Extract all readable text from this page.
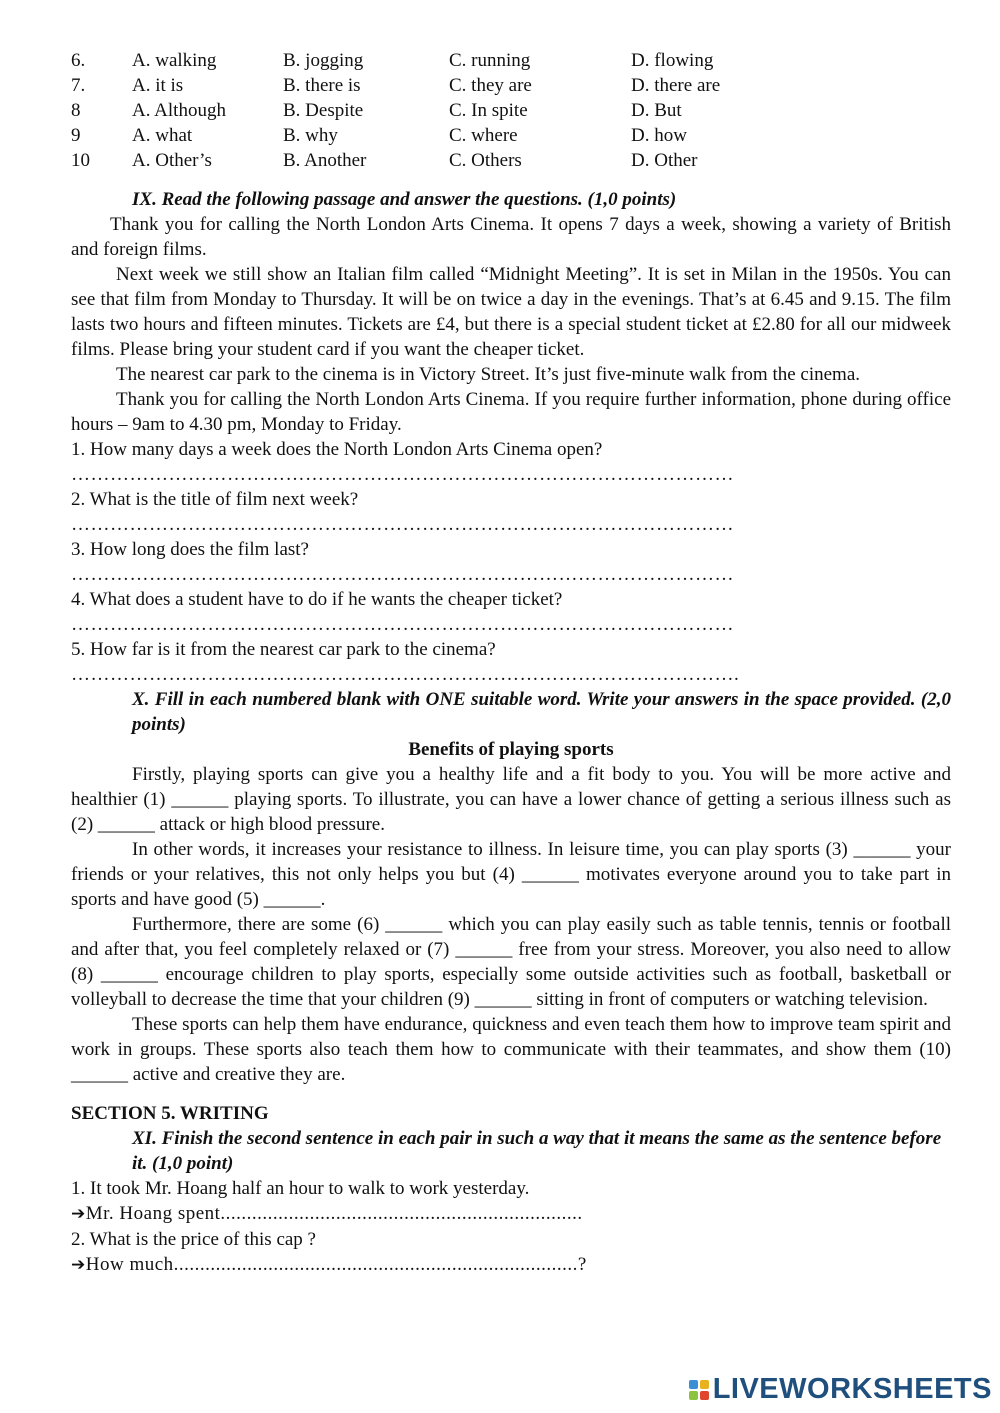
6.	A. walking	B. jogging	C. running	D. flowing
7.	A. it is	B. there is	C. they are	D. there are
8	A. Although	B. Despite	C. In spite	D. But
9	A. what	B. why	C. where	D. how
10	A. Other’s	B. Another	C. Others	D. Other
IX. Read the following passage and answer the questions. (1,0 points)

Thank you for calling the North London Arts Cinema. It opens 7 days a week, showing a variety of British and foreign films.

Next week we still show an Italian film called “Midnight Meeting”. It is set in Milan in the 1950s. You can see that film from Monday to Thursday. It will be on twice a day in the evenings. That’s at 6.45 and 9.15. The film lasts two hours and fifteen minutes. Tickets are £4, but there is a special student ticket at £2.80 for all our midweek films. Please bring your student card if you want the cheaper ticket.

The nearest car park to the cinema is in Victory Street. It’s just five-minute walk from the cinema.

Thank you for calling the North London Arts Cinema. If you require further information, phone during office hours – 9am to 4.30 pm, Monday to Friday.

1. How many days a week does the North London Arts Cinema open?
…………………………………………………………………………………………
2. What is the title of film next week?
…………………………………………………………………………………………
3. How long does the film last?
…………………………………………………………………………………………
4. What does a student have to do if he wants the cheaper ticket?
…………………………………………………………………………………………
5. How far is it from the nearest car park to the cinema?
………………………………………………………………………………………….
X. Fill in each numbered blank with ONE suitable word. Write your answers in the space provided. (2,0 points)
Benefits of playing sports

Firstly, playing sports can give you a healthy life and a fit body to you. You will be more active and healthier (1) ______ playing sports. To illustrate, you can have a lower chance of getting a serious illness such as (2) ______ attack or high blood pressure.

In other words, it increases your resistance to illness. In leisure time, you can play sports (3) ______ your friends or your relatives, this not only helps you but (4) ______ motivates everyone around you to take part in sports and have good (5) ______.

Furthermore, there are some (6) ______ which you can play easily such as table tennis, tennis or football and after that, you feel completely relaxed or (7) ______ free from your stress. Moreover, you also need to allow (8) ______ encourage children to play sports, especially some outside activities such as football, basketball or volleyball to decrease the time that your children (9) ______ sitting in front of computers or watching television.

These sports can help them have endurance, quickness and even teach them how to improve team spirit and work in groups. These sports also teach them how to communicate with their teammates, and show them (10) ______ active and creative they are.

SECTION 5. WRITING
XI. Finish the second sentence in each pair in such a way that it means the same as the sentence before it. (1,0 point)
1. It took Mr. Hoang half an hour to walk to work yesterday.
➔Mr. Hoang spent.....................................................................
2. What is the price of this cap ?
➔How much.............................................................................?
LIVEWORKSHEETS
